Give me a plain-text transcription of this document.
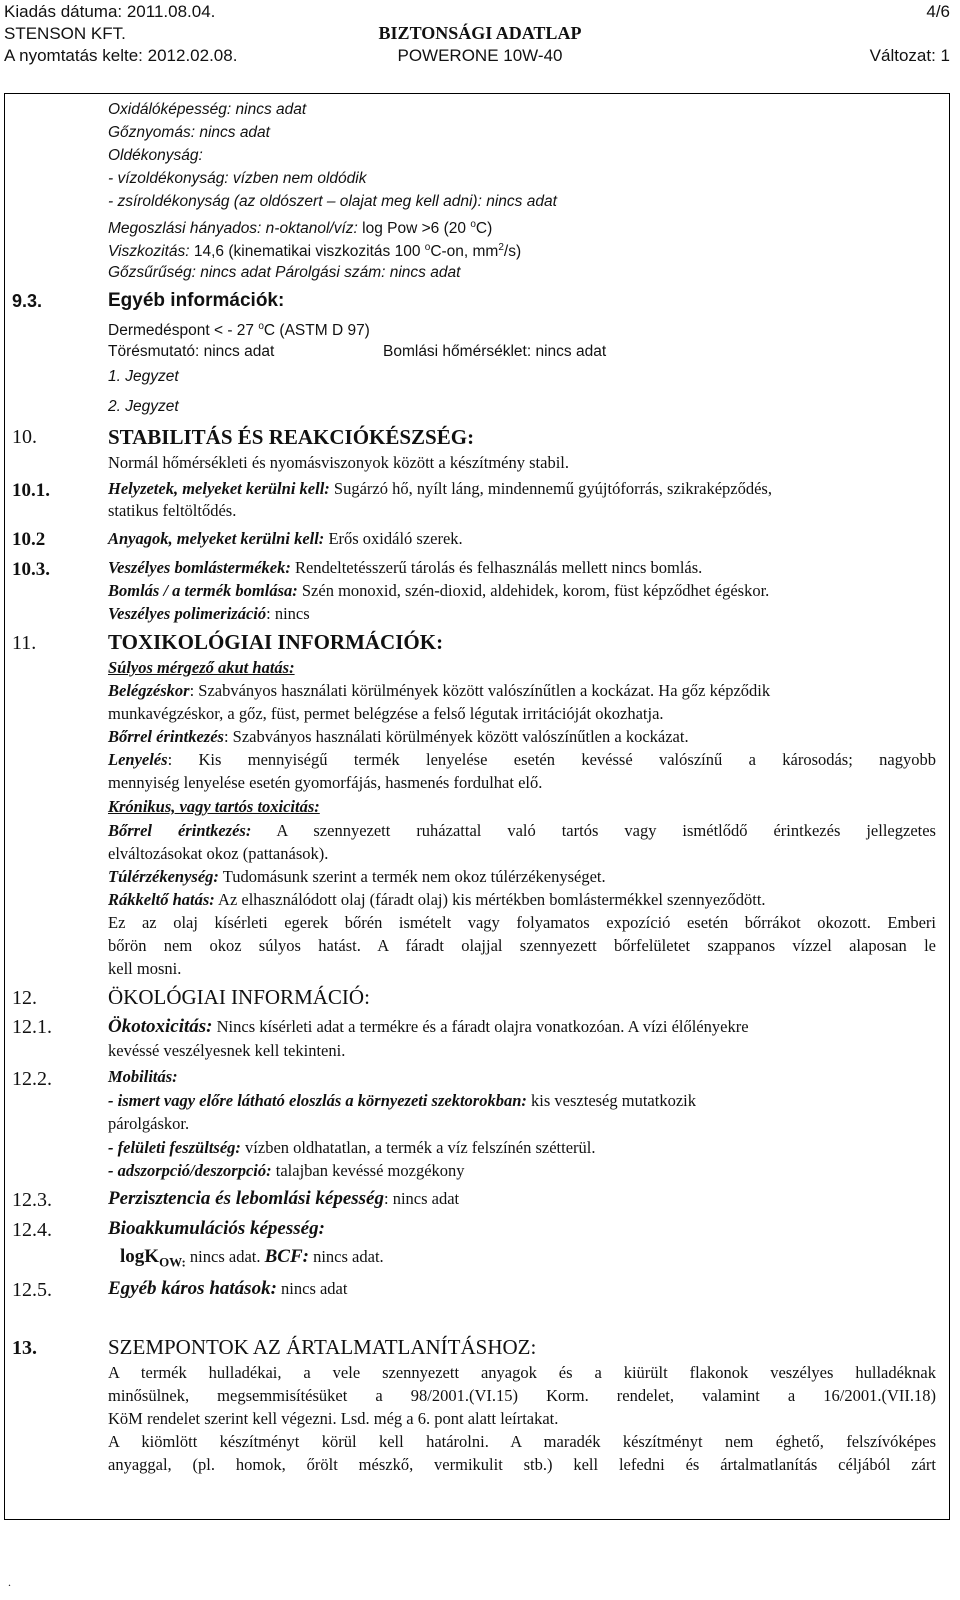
Kiadás dátuma: 2011.08.04.	4/6
STENSON KFT.	BIZTONSÁGI ADATLAP
A nyomtatás kelte: 2012.02.08.	POWERONE 10W-40	Változat: 1
Oxidálóképesség: nincs adat
Gőznyomás: nincs adat
Oldékonyság:
- vízoldékonyság: vízben nem oldódik
- zsíroldékonyság (az oldószert – olajat meg kell adni): nincs adat
Megoszlási hányados: n-oktanol/víz: log Pow >6 (20 $^o$C)
Viszkozitás: 14,6 (kinematikai viszkozitás 100 $^o$C-on, $mm^2/s$)
Gőzsűrűség: nincs adat Párolgási szám: nincs adat
9.3.	Egyéb információk:
Dermedéspont < - 27 $^o$C (ASTM D 97)
Törésmutató: nincs adat	Bomlási hőmérséklet: nincs adat
1. Jegyzet
2. Jegyzet
10.	STABILITÁS ÉS REAKCIÓKÉSZSÉG:
Normál hőmérsékleti és nyomásviszonyok között a készítmény stabil.
10.1.	Helyzetek, melyeket kerülni kell: Sugárzó hő, nyílt láng, mindennemű gyújtóforrás, szikraképződés,
statikus feltöltődés.
10.2	Anyagok, melyeket kerülni kell: Erős oxidáló szerek.
10.3.	Veszélyes bomlástermékek: Rendeltetésszerű tárolás és felhasználás mellett nincs bomlás.
Bomlás / a termék bomlása: Szén monoxid, szén-dioxid, aldehidek, korom, füst képződhet égéskor.
Veszélyes polimerizáció: nincs
11.	TOXIKOLÓGIAI INFORMÁCIÓK:
Súlyos mérgező akut hatás:
Belégzéskor: Szabványos használati körülmények között valószínűtlen a kockázat. Ha gőz képződik
munkavégzéskor, a gőz, füst, permet belégzése a felső légutak irritációját okozhatja.
Bőrrel érintkezés: Szabványos használati körülmények között valószínűtlen a kockázat.
Lenyelés: Kis mennyiségű termék lenyelése esetén kevéssé valószínű a károsodás; nagyobb
mennyiség lenyelése esetén gyomorfájás, hasmenés fordulhat elő.
Krónikus, vagy tartós toxicitás:
Bőrrel érintkezés: A szennyezett ruházattal való tartós vagy ismétlődő érintkezés jellegzetes
elváltozásokat okoz (pattanások).
Túlérzékenység: Tudomásunk szerint a termék nem okoz túlérzékenységet.
Rákkeltő hatás: Az elhasználódott olaj (fáradt olaj) kis mértékben bomlástermékkel szennyeződött.
Ez az olaj kísérleti egerek bőrén ismételt vagy folyamatos expozíció esetén bőrrákot okozott. Emberi
bőrön nem okoz súlyos hatást. A fáradt olajjal szennyezett bőrfelületet szappanos vízzel alaposan le
kell mosni.
12.	ÖKOLÓGIAI INFORMÁCIÓ:
12.1.	Ökotoxicitás: Nincs kísérleti adat a termékre és a fáradt olajra vonatkozóan. A vízi élőlényekre
kevéssé veszélyesnek kell tekinteni.
12.2.	Mobilitás:
- ismert vagy előre látható eloszlás a környezeti szektorokban: kis veszteség mutatkozik
párolgáskor.
- felületi feszültség: vízben oldhatatlan, a termék a víz felszínén szétterül.
- adszorpció/deszorpció: talajban kevéssé mozgékony
12.3.	Perzisztencia és lebomlási képesség: nincs adat
12.4.	Bioakkumulációs képesség:
logK$_{OW:}$ nincs adat. BCF: nincs adat.
12.5.	Egyéb káros hatások: nincs adat
13.	SZEMPONTOK AZ ÁRTALMATLANÍTÁSHOZ:
A termék hulladékai, a vele szennyezett anyagok és a kiürült flakonok veszélyes hulladéknak
minősülnek, megsemmisítésüket a 98/2001.(VI.15) Korm. rendelet, valamint a 16/2001.(VII.18)
KöM rendelet szerint kell végezni. Lsd. még a 6. pont alatt leírtakat.
A kiömlött készítményt körül kell határolni. A maradék készítményt nem éghető, felszívóképes
anyaggal, (pl. homok, őrölt mészkő, vermikulit stb.) kell lefedni és ártalmatlanítás céljából zárt
.
